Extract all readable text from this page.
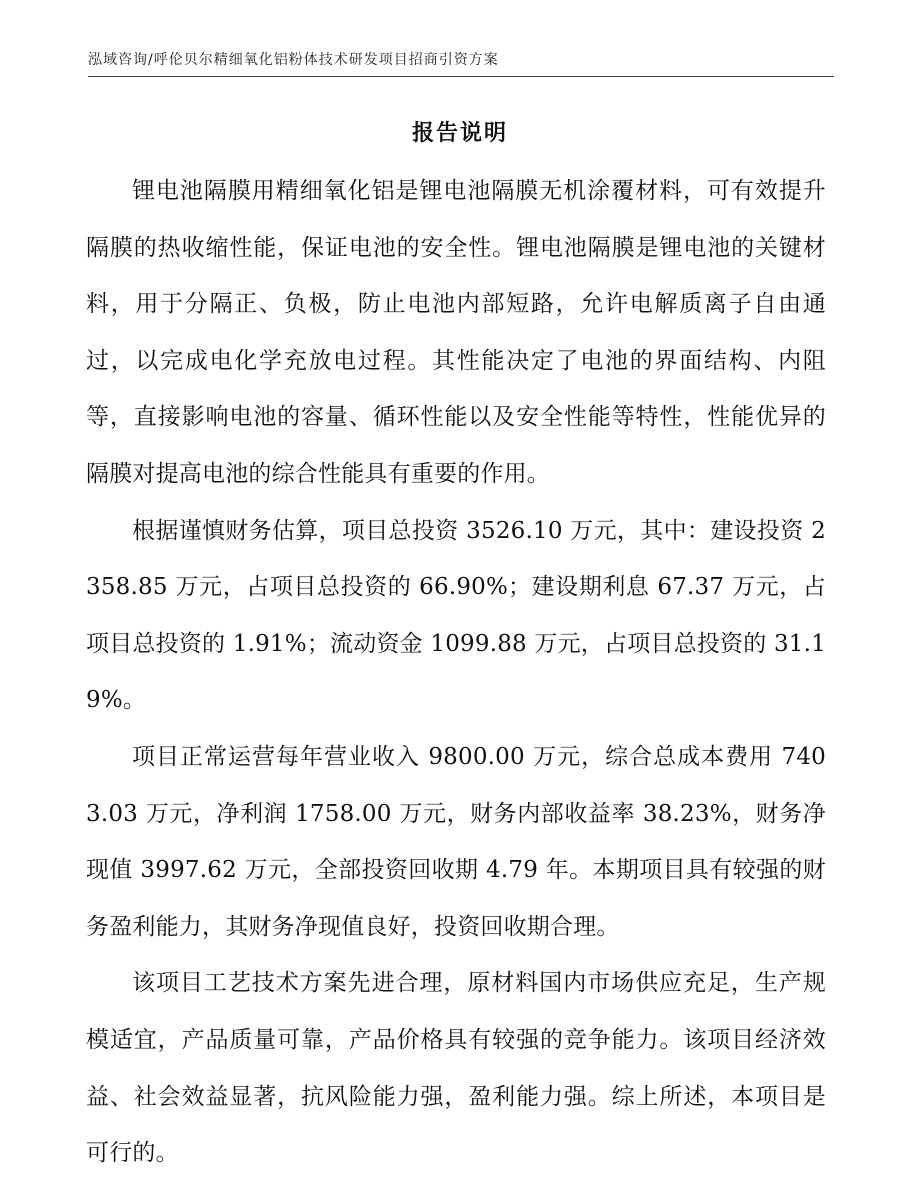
泓域咨询/呼伦贝尔精细氧化铝粉体技术研发项目招商引资方案
报告说明

锂电池隔膜用精细氧化铝是锂电池隔膜无机涂覆材料，可有效提升隔膜的热收缩性能，保证电池的安全性。锂电池隔膜是锂电池的关键材料，用于分隔正、负极，防止电池内部短路，允许电解质离子自由通过，以完成电化学充放电过程。其性能决定了电池的界面结构、内阻等，直接影响电池的容量、循环性能以及安全性能等特性，性能优异的隔膜对提高电池的综合性能具有重要的作用。

根据谨慎财务估算，项目总投资 3526.10 万元，其中：建设投资 2358.85 万元，占项目总投资的 66.90%；建设期利息 67.37 万元，占项目总投资的 1.91%；流动资金 1099.88 万元，占项目总投资的 31.19%。

项目正常运营每年营业收入 9800.00 万元，综合总成本费用 7403.03 万元，净利润 1758.00 万元，财务内部收益率 38.23%，财务净现值 3997.62 万元，全部投资回收期 4.79 年。本期项目具有较强的财务盈利能力，其财务净现值良好，投资回收期合理。

该项目工艺技术方案先进合理，原材料国内市场供应充足，生产规模适宜，产品质量可靠，产品价格具有较强的竞争能力。该项目经济效益、社会效益显著，抗风险能力强，盈利能力强。综上所述，本项目是可行的。
